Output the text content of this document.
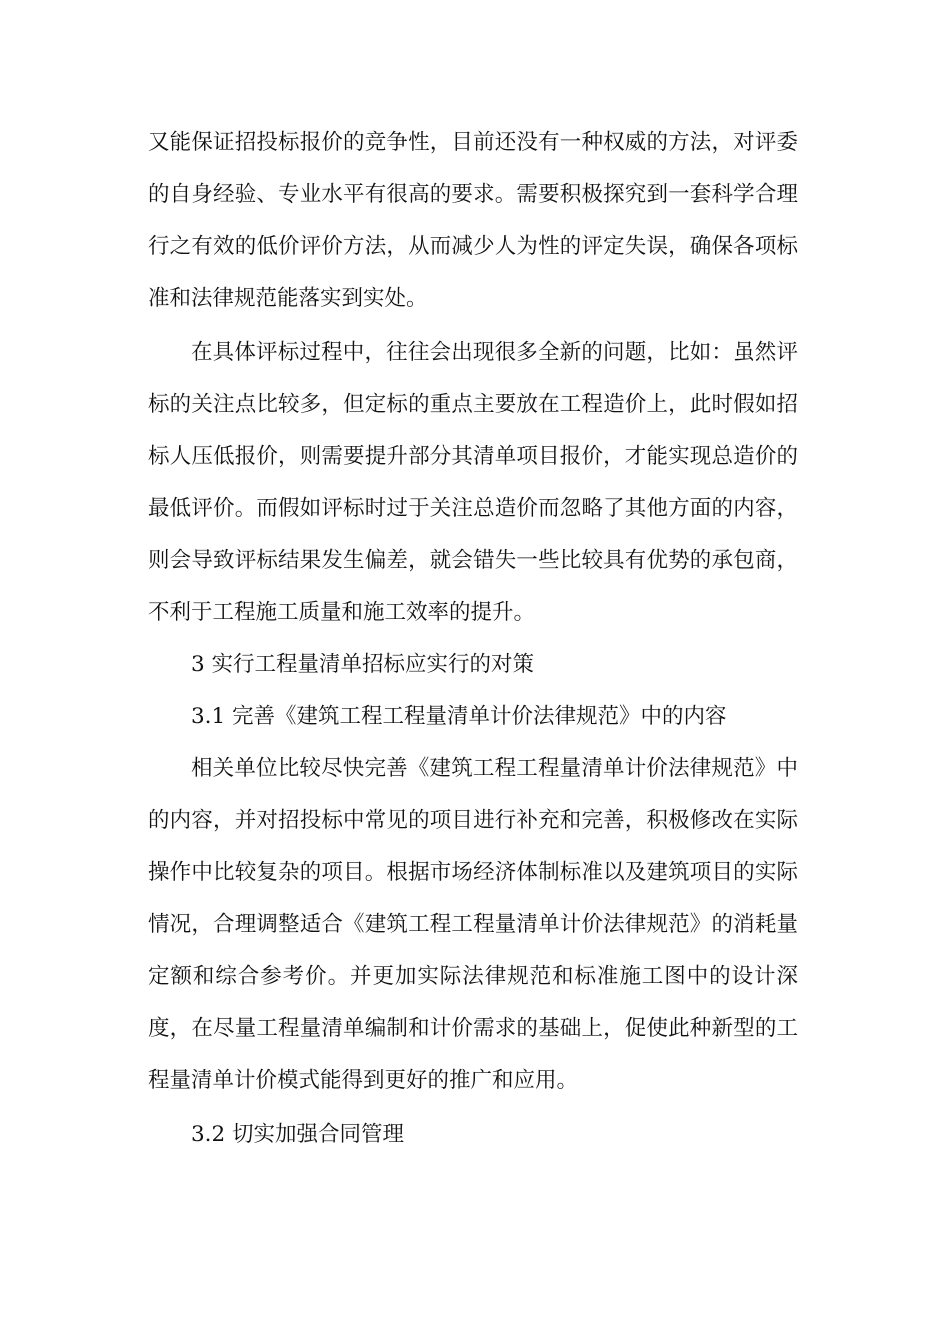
又能保证招投标报价的竞争性，目前还没有一种权威的方法，对评委的自身经验、专业水平有很高的要求。需要积极探究到一套科学合理行之有效的低价评价方法，从而减少人为性的评定失误，确保各项标准和法律规范能落实到实处。

在具体评标过程中，往往会出现很多全新的问题，比如：虽然评标的关注点比较多，但定标的重点主要放在工程造价上，此时假如招标人压低报价，则需要提升部分其清单项目报价，才能实现总造价的最低评价。而假如评标时过于关注总造价而忽略了其他方面的内容，则会导致评标结果发生偏差，就会错失一些比较具有优势的承包商，不利于工程施工质量和施工效率的提升。

3 实行工程量清单招标应实行的对策

3.1 完善《建筑工程工程量清单计价法律规范》中的内容

相关单位比较尽快完善《建筑工程工程量清单计价法律规范》中的内容，并对招投标中常见的项目进行补充和完善，积极修改在实际操作中比较复杂的项目。根据市场经济体制标准以及建筑项目的实际情况，合理调整适合《建筑工程工程量清单计价法律规范》的消耗量定额和综合参考价。并更加实际法律规范和标准施工图中的设计深度，在尽量工程量清单编制和计价需求的基础上，促使此种新型的工程量清单计价模式能得到更好的推广和应用。

3.2 切实加强合同管理
